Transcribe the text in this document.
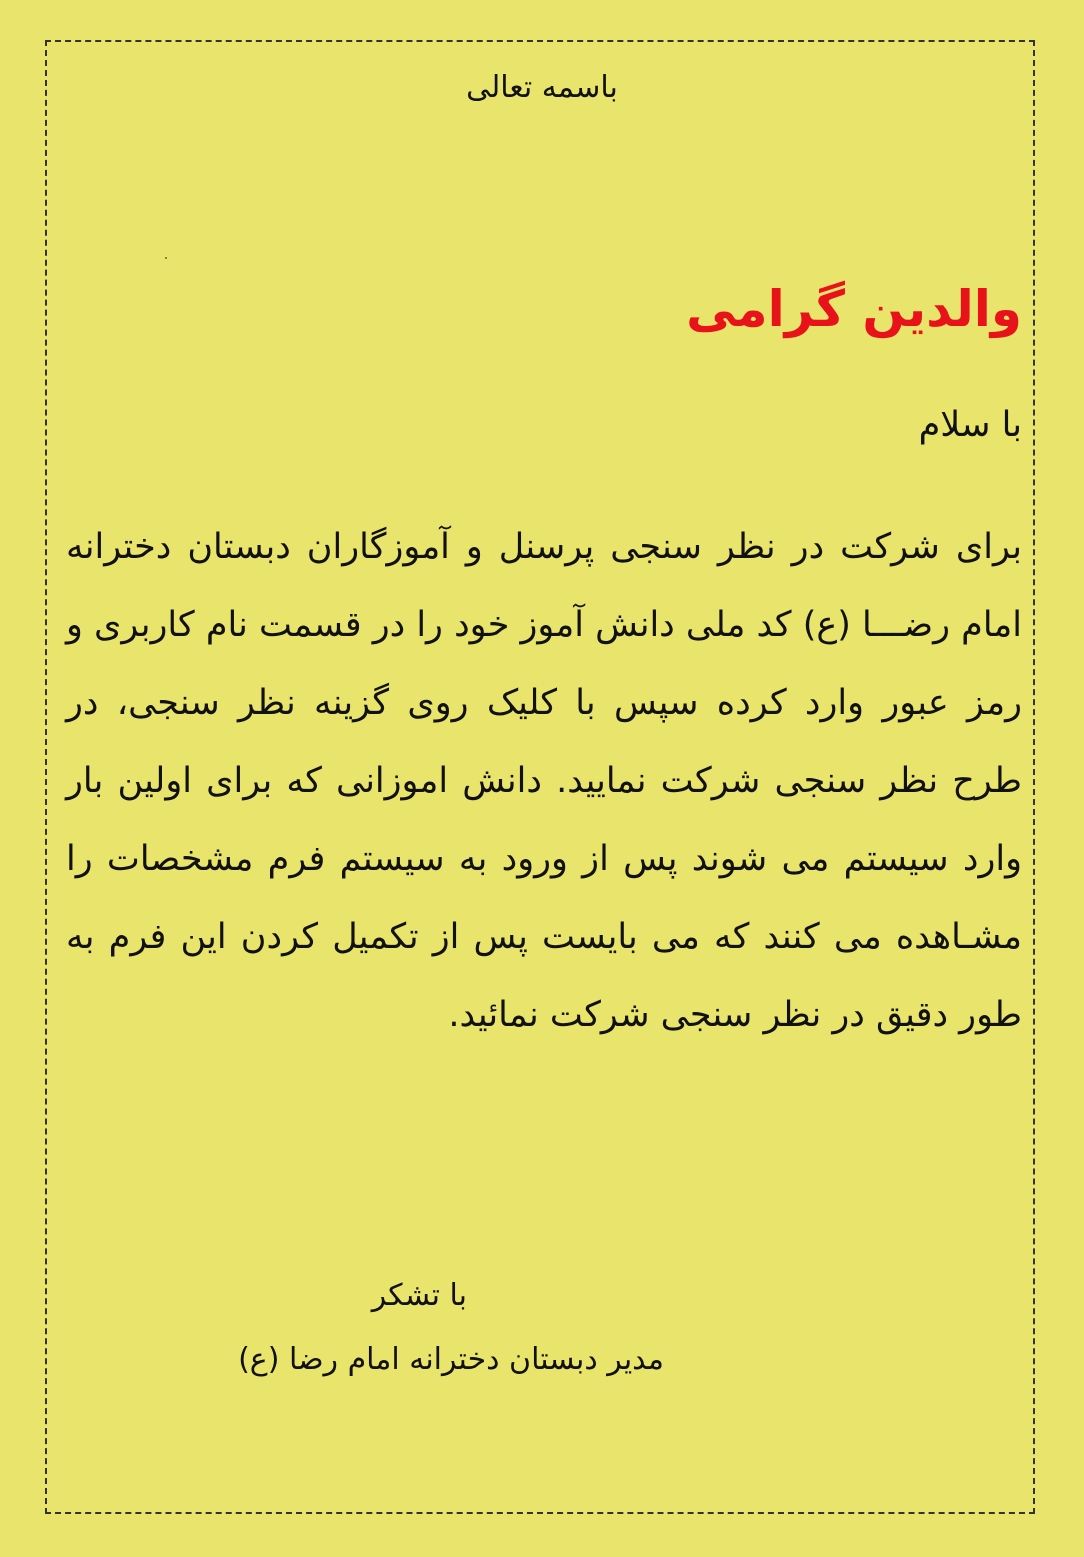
باسمه تعالی
والدین گرامی
با سلام

برای شرکت در نظر سنجی پرسنل و آموزگاران دبستان دخترانه امام رضـــا (ع) کد ملی دانش آموز خود را در قسمت نام کاربری و رمز عبور وارد کرده سپس با کلیک روی گزینه نظر سنجی، در طرح نظر سنجی شرکت نمایید. دانش اموزانی که برای اولین بار وارد سیستم می شوند پس از ورود به سیستم فرم مشخصات را مشـاهده می کنند که می بایست پس از تکمیل کردن این فرم به طور دقیق در نظر سنجی شرکت نمائید.

با تشکر
مدیر دبستان دخترانه امام رضا (ع)
